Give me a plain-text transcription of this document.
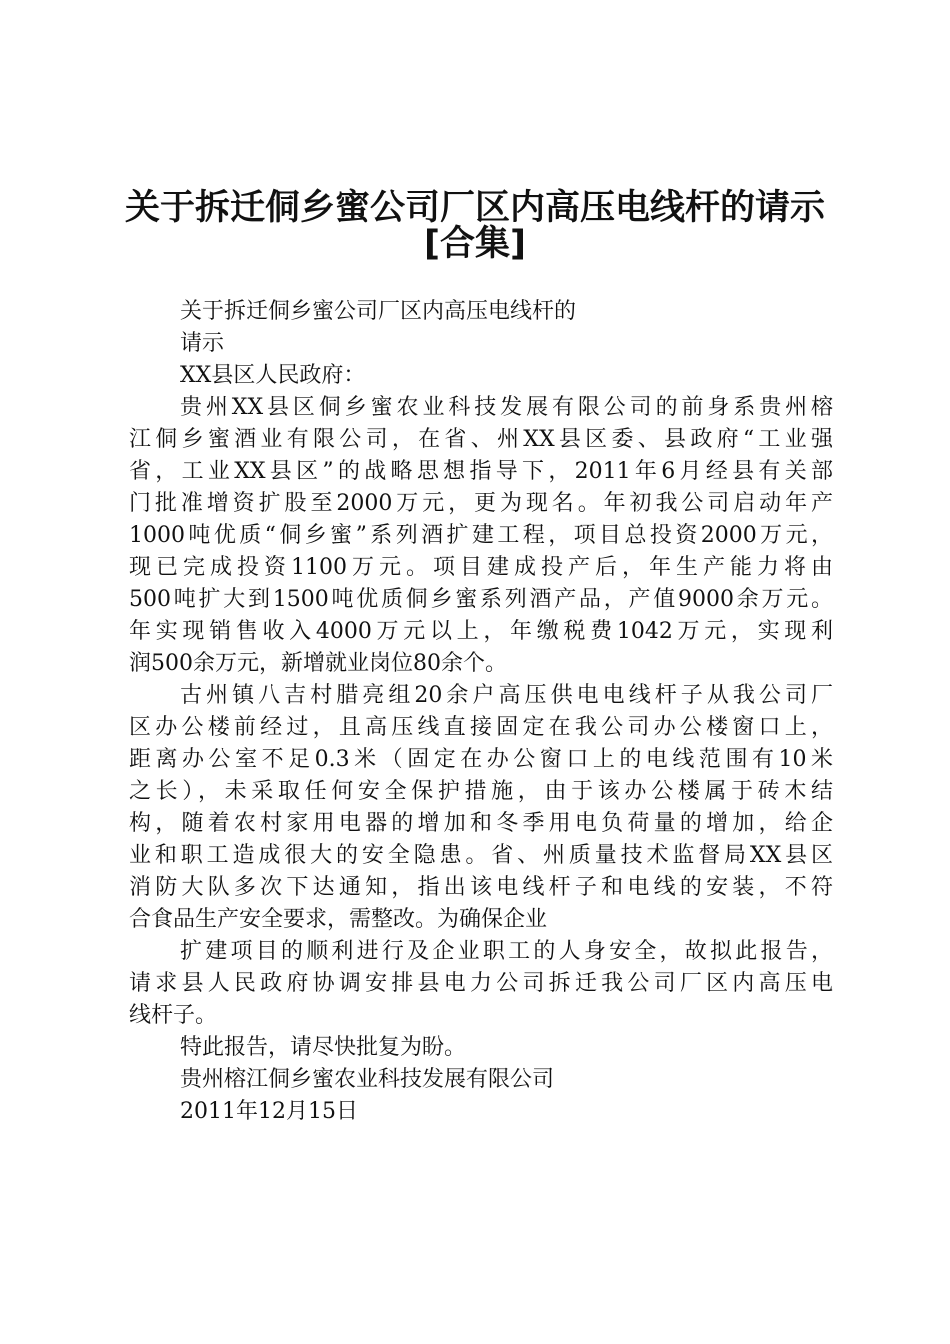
关于拆迁侗乡蜜公司厂区内高压电线杆的请示
[合集]
关于拆迁侗乡蜜公司厂区内高压电线杆的
请示
XX县区人民政府：
贵州XX县区侗乡蜜农业科技发展有限公司的前身系贵州榕
江侗乡蜜酒业有限公司，在省、州XX县区委、县政府“工业强
省，工业XX县区”的战略思想指导下，2011年6月经县有关部
门批准增资扩股至2000万元，更为现名。年初我公司启动年产
1000吨优质“侗乡蜜”系列酒扩建工程，项目总投资2000万元，
现已完成投资1100万元。项目建成投产后，年生产能力将由
500吨扩大到1500吨优质侗乡蜜系列酒产品，产值9000余万元。
年实现销售收入4000万元以上，年缴税费1042万元，实现利
润500余万元，新增就业岗位80余个。
古州镇八吉村腊亮组20余户高压供电电线杆子从我公司厂
区办公楼前经过，且高压线直接固定在我公司办公楼窗口上，
距离办公室不足0.3米（固定在办公窗口上的电线范围有10米
之长），未采取任何安全保护措施，由于该办公楼属于砖木结
构，随着农村家用电器的增加和冬季用电负荷量的增加，给企
业和职工造成很大的安全隐患。省、州质量技术监督局XX县区
消防大队多次下达通知，指出该电线杆子和电线的安装，不符
合食品生产安全要求，需整改。为确保企业
扩建项目的顺利进行及企业职工的人身安全，故拟此报告，
请求县人民政府协调安排县电力公司拆迁我公司厂区内高压电
线杆子。
特此报告，请尽快批复为盼。
贵州榕江侗乡蜜农业科技发展有限公司
2011年12月15日
